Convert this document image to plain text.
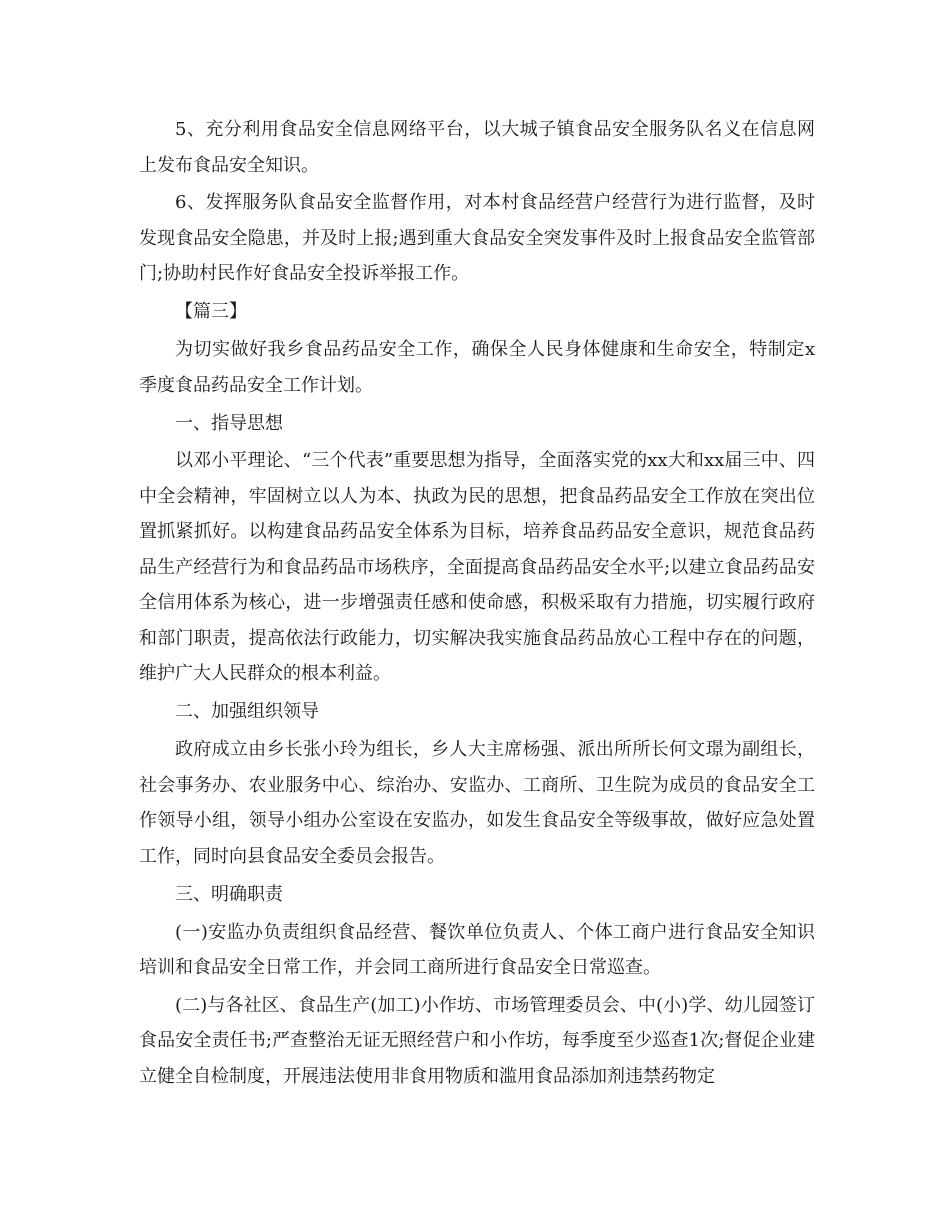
5、充分利用食品安全信息网络平台，以大城子镇食品安全服务队名义在信息网上发布食品安全知识。

6、发挥服务队食品安全监督作用，对本村食品经营户经营行为进行监督，及时发现食品安全隐患，并及时上报;遇到重大食品安全突发事件及时上报食品安全监管部门;协助村民作好食品安全投诉举报工作。

【篇三】

为切实做好我乡食品药品安全工作，确保全人民身体健康和生命安全，特制定x季度食品药品安全工作计划。

一、指导思想

以邓小平理论、“三个代表”重要思想为指导，全面落实党的xx大和xx届三中、四中全会精神，牢固树立以人为本、执政为民的思想，把食品药品安全工作放在突出位置抓紧抓好。以构建食品药品安全体系为目标，培养食品药品安全意识，规范食品药品生产经营行为和食品药品市场秩序，全面提高食品药品安全水平;以建立食品药品安全信用体系为核心，进一步增强责任感和使命感，积极采取有力措施，切实履行政府和部门职责，提高依法行政能力，切实解决我实施食品药品放心工程中存在的问题，维护广大人民群众的根本利益。

二、加强组织领导

政府成立由乡长张小玲为组长，乡人大主席杨强、派出所所长何文璟为副组长，社会事务办、农业服务中心、综治办、安监办、工商所、卫生院为成员的食品安全工作领导小组，领导小组办公室设在安监办，如发生食品安全等级事故，做好应急处置工作，同时向县食品安全委员会报告。

三、明确职责

(一)安监办负责组织食品经营、餐饮单位负责人、个体工商户进行食品安全知识培训和食品安全日常工作，并会同工商所进行食品安全日常巡查。

(二)与各社区、食品生产(加工)小作坊、市场管理委员会、中(小)学、幼儿园签订食品安全责任书;严查整治无证无照经营户和小作坊，每季度至少巡查1次;督促企业建立健全自检制度，开展违法使用非食用物质和滥用食品添加剂违禁药物定
